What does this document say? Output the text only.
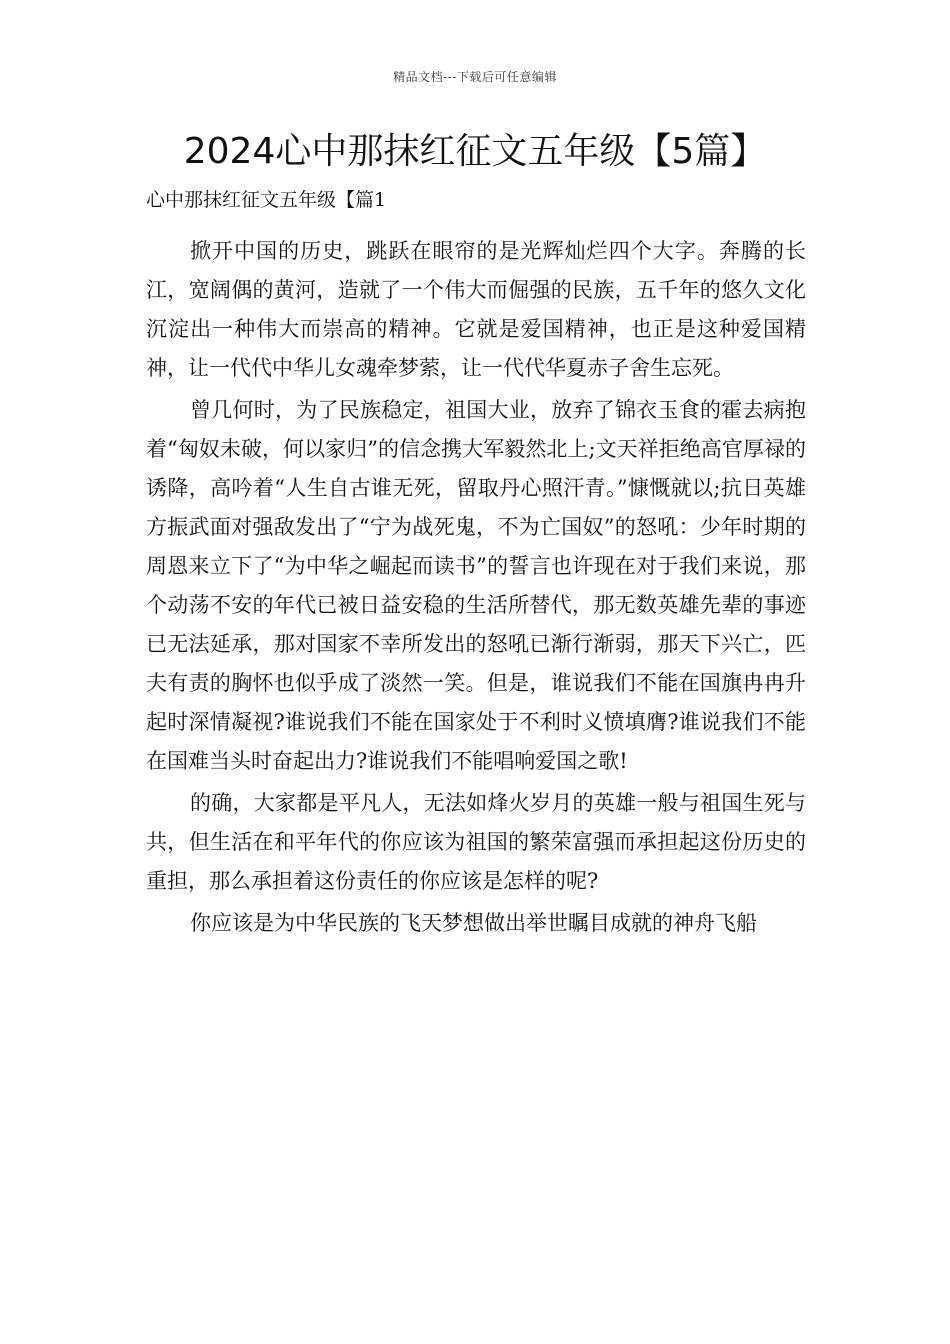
精品文档---下载后可任意编辑
2024心中那抹红征文五年级【5篇】
心中那抹红征文五年级【篇1

掀开中国的历史，跳跃在眼帘的是光辉灿烂四个大字。奔腾的长江，宽阔偶的黄河，造就了一个伟大而倔强的民族，五千年的悠久文化沉淀出一种伟大而崇高的精神。它就是爱国精神，也正是这种爱国精神，让一代代中华儿女魂牵梦萦，让一代代华夏赤子舍生忘死。

曾几何时，为了民族稳定，祖国大业，放弃了锦衣玉食的霍去病抱着“匈奴未破，何以家归”的信念携大军毅然北上;文天祥拒绝高官厚禄的诱降，高吟着“人生自古谁无死，留取丹心照汗青。”慷慨就以;抗日英雄方振武面对强敌发出了“宁为战死鬼，不为亡国奴”的怒吼：少年时期的周恩来立下了“为中华之崛起而读书”的誓言也许现在对于我们来说，那个动荡不安的年代已被日益安稳的生活所替代，那无数英雄先辈的事迹已无法延承，那对国家不幸所发出的怒吼已渐行渐弱，那天下兴亡，匹夫有责的胸怀也似乎成了淡然一笑。但是，谁说我们不能在国旗冉冉升起时深情凝视?谁说我们不能在国家处于不利时义愤填膺?谁说我们不能在国难当头时奋起出力?谁说我们不能唱响爱国之歌!

的确，大家都是平凡人，无法如烽火岁月的英雄一般与祖国生死与共，但生活在和平年代的你应该为祖国的繁荣富强而承担起这份历史的重担，那么承担着这份责任的你应该是怎样的呢?

你应该是为中华民族的飞天梦想做出举世瞩目成就的神舟飞船
